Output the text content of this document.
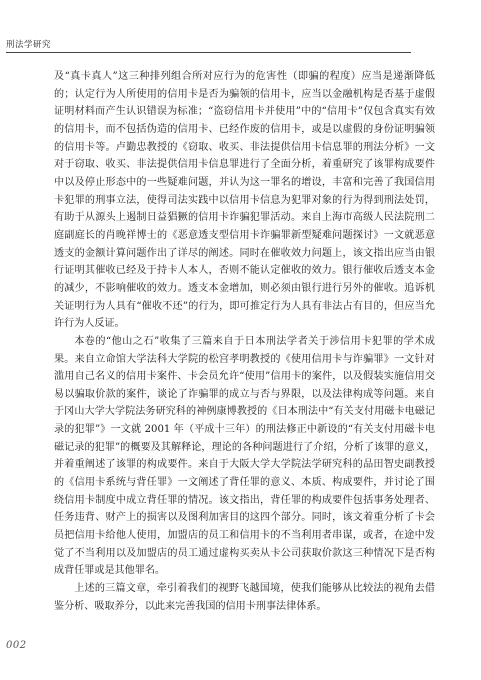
刑法学研究

及“真卡真人”这三种排列组合所对应行为的危害性（即骗的程度）应当是递渐降低的；认定行为人所使用的信用卡是否为骗领的信用卡，应当以金融机构是否基于虚假证明材料而产生认识错误为标准；“盗窃信用卡并使用”中的“信用卡”仅包含真实有效的信用卡，而不包括伪造的信用卡、已经作废的信用卡，或是以虚假的身份证明骗领的信用卡等。卢勤忠教授的《窃取、收买、非法提供信用卡信息罪的刑法分析》一文对于窃取、收买、非法提供信用卡信息罪进行了全面分析，着重研究了该罪构成要件中以及停止形态中的一些疑难问题，并认为这一罪名的增设，丰富和完善了我国信用卡犯罪的刑事立法，使得司法实践中以信用卡信息为犯罪对象的行为得到刑法处罚，有助于从源头上遏制日益猖獗的信用卡诈骗犯罪活动。来自上海市高级人民法院刑二庭副庭长的肖晚祥博士的《恶意透支型信用卡诈骗罪新型疑难问题探讨》一文就恶意透支的金额计算问题作出了详尽的阐述。同时在催收效力问题上，该文指出应当由银行证明其催收已经及于持卡人本人，否则不能认定催收的效力。银行催收后透支本金的减少，不影响催收的效力。透支本金增加，则必须由银行进行另外的催收。追诉机关证明行为人具有“催收不还”的行为，即可推定行为人具有非法占有目的，但应当允许行为人反证。

本卷的“他山之石”收集了三篇来自于日本刑法学者关于涉信用卡犯罪的学术成果。来自立命馆大学法科大学院的松宫孝明教授的《使用信用卡与诈骗罪》一文针对滥用自己名义的信用卡案件、卡会员允许“使用”信用卡的案件，以及假装实施信用交易以骗取价款的案件，谈论了诈骗罪的成立与否与界限，以及法律构成等问题。来自于冈山大学大学院法务研究科的神例康博教授的《日本刑法中“有关支付用磁卡电磁记录的犯罪”》一文就 2001 年（平成十三年）的刑法修正中新设的“有关支付用磁卡电磁记录的犯罪”的概要及其解释论，理论的各种问题进行了介绍，分析了该罪的意义，并着重阐述了该罪的构成要件。来自于大阪大学大学院法学研究科的品田智史副教授的《信用卡系统与背任罪》一文阐述了背任罪的意义、本质、构成要件，并讨论了围绕信用卡制度中成立背任罪的情况。该文指出，背任罪的构成要件包括事务处理者、任务违背、财产上的损害以及图利加害目的这四个部分。同时，该文着重分析了卡会员把信用卡给他人使用，加盟店的员工和信用卡的不当利用者串谋，或者，在途中发觉了不当利用以及加盟店的员工通过虚构买卖从卡公司获取价款这三种情况下是否构成背任罪或是其他罪名。

上述的三篇文章，牵引着我们的视野飞越国境，使我们能够从比较法的视角去借鉴分析、吸取养分，以此来完善我国的信用卡刑事法律体系。

002
